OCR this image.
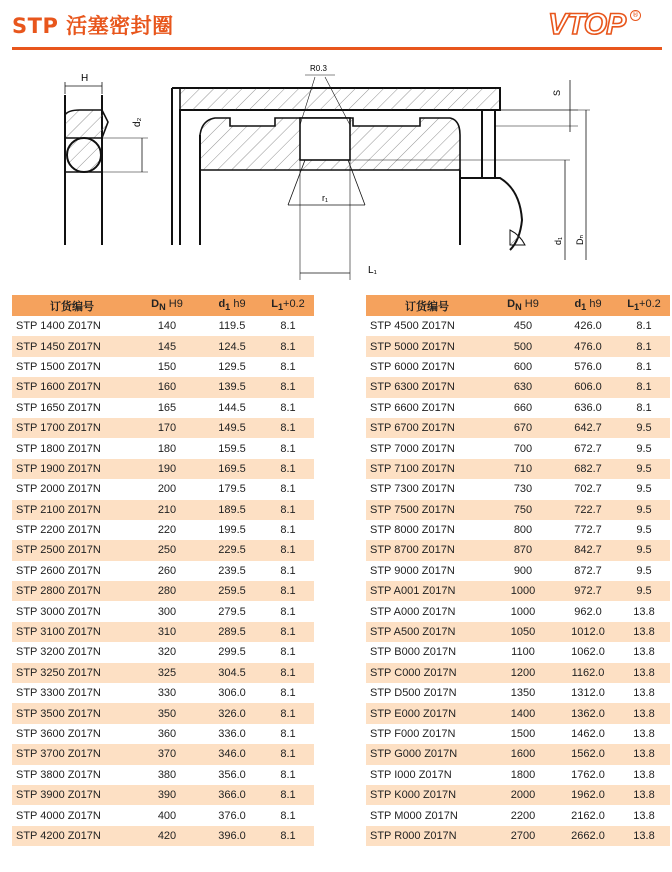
STP 活塞密封圈	VTOP ®
H
d₂
R0.3
S
r₁
L₁
d₁ Dₙ
订货编号	$D_N$ H9	$d_1$ h9	$L_1+0.2$
STP 1400 Z017N	140	119.5	8.1
STP 1450 Z017N	145	124.5	8.1
STP 1500 Z017N	150	129.5	8.1
STP 1600 Z017N	160	139.5	8.1
STP 1650 Z017N	165	144.5	8.1
STP 1700 Z017N	170	149.5	8.1
STP 1800 Z017N	180	159.5	8.1
STP 1900 Z017N	190	169.5	8.1
STP 2000 Z017N	200	179.5	8.1
STP 2100 Z017N	210	189.5	8.1
STP 2200 Z017N	220	199.5	8.1
STP 2500 Z017N	250	229.5	8.1
STP 2600 Z017N	260	239.5	8.1
STP 2800 Z017N	280	259.5	8.1
STP 3000 Z017N	300	279.5	8.1
STP 3100 Z017N	310	289.5	8.1
STP 3200 Z017N	320	299.5	8.1
STP 3250 Z017N	325	304.5	8.1
STP 3300 Z017N	330	306.0	8.1
STP 3500 Z017N	350	326.0	8.1
STP 3600 Z017N	360	336.0	8.1
STP 3700 Z017N	370	346.0	8.1
STP 3800 Z017N	380	356.0	8.1
STP 3900 Z017N	390	366.0	8.1
STP 4000 Z017N	400	376.0	8.1
STP 4200 Z017N	420	396.0	8.1
订货编号	$D_N$ H9	$d_1$ h9	$L_1+0.2$
STP 4500 Z017N	450	426.0	8.1
STP 5000 Z017N	500	476.0	8.1
STP 6000 Z017N	600	576.0	8.1
STP 6300 Z017N	630	606.0	8.1
STP 6600 Z017N	660	636.0	8.1
STP 6700 Z017N	670	642.7	9.5
STP 7000 Z017N	700	672.7	9.5
STP 7100 Z017N	710	682.7	9.5
STP 7300 Z017N	730	702.7	9.5
STP 7500 Z017N	750	722.7	9.5
STP 8000 Z017N	800	772.7	9.5
STP 8700 Z017N	870	842.7	9.5
STP 9000 Z017N	900	872.7	9.5
STP A001 Z017N	1000	972.7	9.5
STP A000 Z017N	1000	962.0	13.8
STP A500 Z017N	1050	1012.0	13.8
STP B000 Z017N	1100	1062.0	13.8
STP C000 Z017N	1200	1162.0	13.8
STP D500 Z017N	1350	1312.0	13.8
STP E000 Z017N	1400	1362.0	13.8
STP F000 Z017N	1500	1462.0	13.8
STP G000 Z017N	1600	1562.0	13.8
STP I000 Z017N	1800	1762.0	13.8
STP K000 Z017N	2000	1962.0	13.8
STP M000 Z017N	2200	2162.0	13.8
STP R000 Z017N	2700	2662.0	13.8
